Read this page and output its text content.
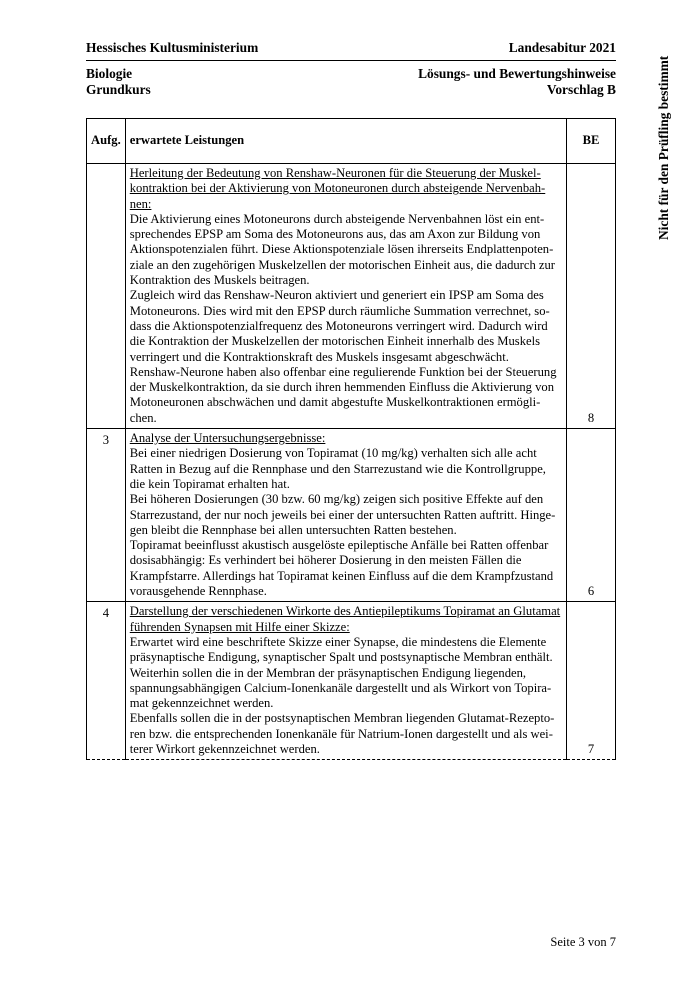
Hessisches Kultusministerium	Landesabitur 2021
Biologie
Grundkurs
Lösungs- und Bewertungshinweise
Vorschlag B	Nicht für den Prüfling bestimmt
Aufg.	erwartete Leistungen	BE
	Herleitung der Bedeutung von Renshaw-Neuronen für die Steuerung der Muskelkontraktion bei der Aktivierung von Motoneuronen durch absteigende Nervenbahnen:
Die Aktivierung eines Motoneurons durch absteigende Nervenbahnen löst ein entsprechendes EPSP am Soma des Motoneurons aus, das am Axon zur Bildung von Aktionspotenzialen führt. Diese Aktionspotenziale lösen ihrerseits Endplattenpotenziale an den zugehörigen Muskelzellen der motorischen Einheit aus, die dadurch zur Kontraktion des Muskels beitragen.
Zugleich wird das Renshaw-Neuron aktiviert und generiert ein IPSP am Soma des Motoneurons. Dies wird mit den EPSP durch räumliche Summation verrechnet, sodass die Aktionspotenzialfrequenz des Motoneurons verringert wird. Dadurch wird die Kontraktion der Muskelzellen der motorischen Einheit innerhalb des Muskels verringert und die Kontraktionskraft des Muskels insgesamt abgeschwächt.
Renshaw-Neurone haben also offenbar eine regulierende Funktion bei der Steuerung der Muskelkontraktion, da sie durch ihren hemmenden Einfluss die Aktivierung von Motoneuronen abschwächen und damit abgestufte Muskelkontraktionen ermöglichen.	8
3	Analyse der Untersuchungsergebnisse:
Bei einer niedrigen Dosierung von Topiramat (10 mg/kg) verhalten sich alle acht Ratten in Bezug auf die Rennphase und den Starrezustand wie die Kontrollgruppe, die kein Topiramat erhalten hat.
Bei höheren Dosierungen (30 bzw. 60 mg/kg) zeigen sich positive Effekte auf den Starrezustand, der nur noch jeweils bei einer der untersuchten Ratten auftritt. Hingegen bleibt die Rennphase bei allen untersuchten Ratten bestehen.
Topiramat beeinflusst akustisch ausgelöste epileptische Anfälle bei Ratten offenbar dosisabhängig: Es verhindert bei höherer Dosierung in den meisten Fällen die Krampfstarre. Allerdings hat Topiramat keinen Einfluss auf die dem Krampfzustand vorausgehende Rennphase.	6
4	Darstellung der verschiedenen Wirkorte des Antiepileptikums Topiramat an Glutamat führenden Synapsen mit Hilfe einer Skizze:
Erwartet wird eine beschriftete Skizze einer Synapse, die mindestens die Elemente präsynaptische Endigung, synaptischer Spalt und postsynaptische Membran enthält. Weiterhin sollen die in der Membran der präsynaptischen Endigung liegenden, spannungsabhängigen Calcium-Ionenkanäle dargestellt und als Wirkort von Topiramat gekennzeichnet werden.
Ebenfalls sollen die in der postsynaptischen Membran liegenden Glutamat-Rezeptoren bzw. die entsprechenden Ionenkanäle für Natrium-Ionen dargestellt und als weiterer Wirkort gekennzeichnet werden.	7
Seite 3 von 7
